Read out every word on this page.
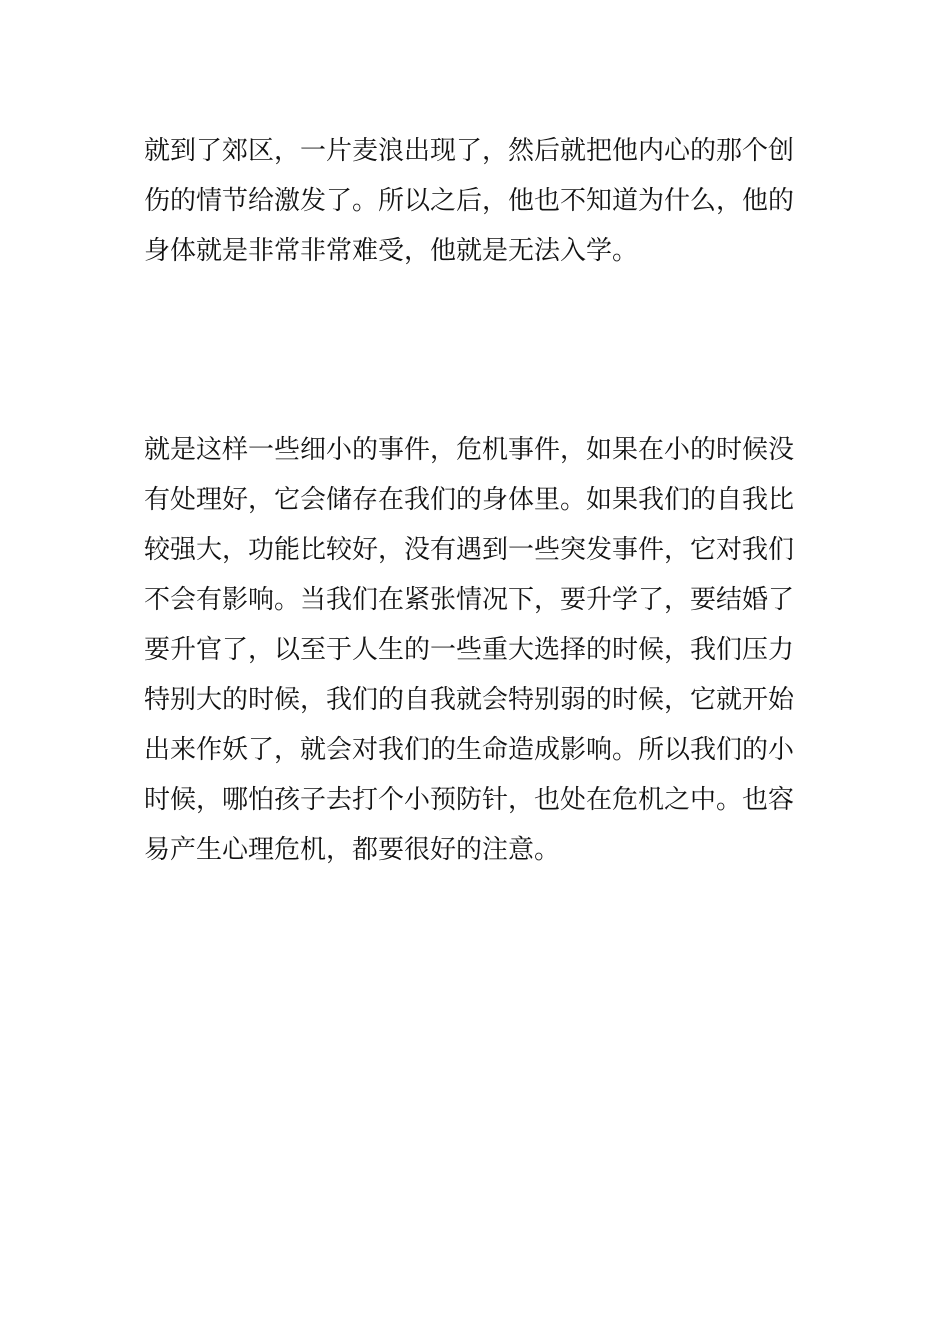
就到了郊区，一片麦浪出现了，然后就把他内心的那个创伤的情节给激发了。所以之后，他也不知道为什么，他的身体就是非常非常难受，他就是无法入学。

就是这样一些细小的事件，危机事件，如果在小的时候没有处理好，它会储存在我们的身体里。如果我们的自我比较强大，功能比较好，没有遇到一些突发事件，它对我们不会有影响。当我们在紧张情况下，要升学了，要结婚了要升官了，以至于人生的一些重大选择的时候，我们压力特别大的时候，我们的自我就会特别弱的时候，它就开始出来作妖了，就会对我们的生命造成影响。所以我们的小时候，哪怕孩子去打个小预防针，也处在危机之中。也容易产生心理危机，都要很好的注意。
